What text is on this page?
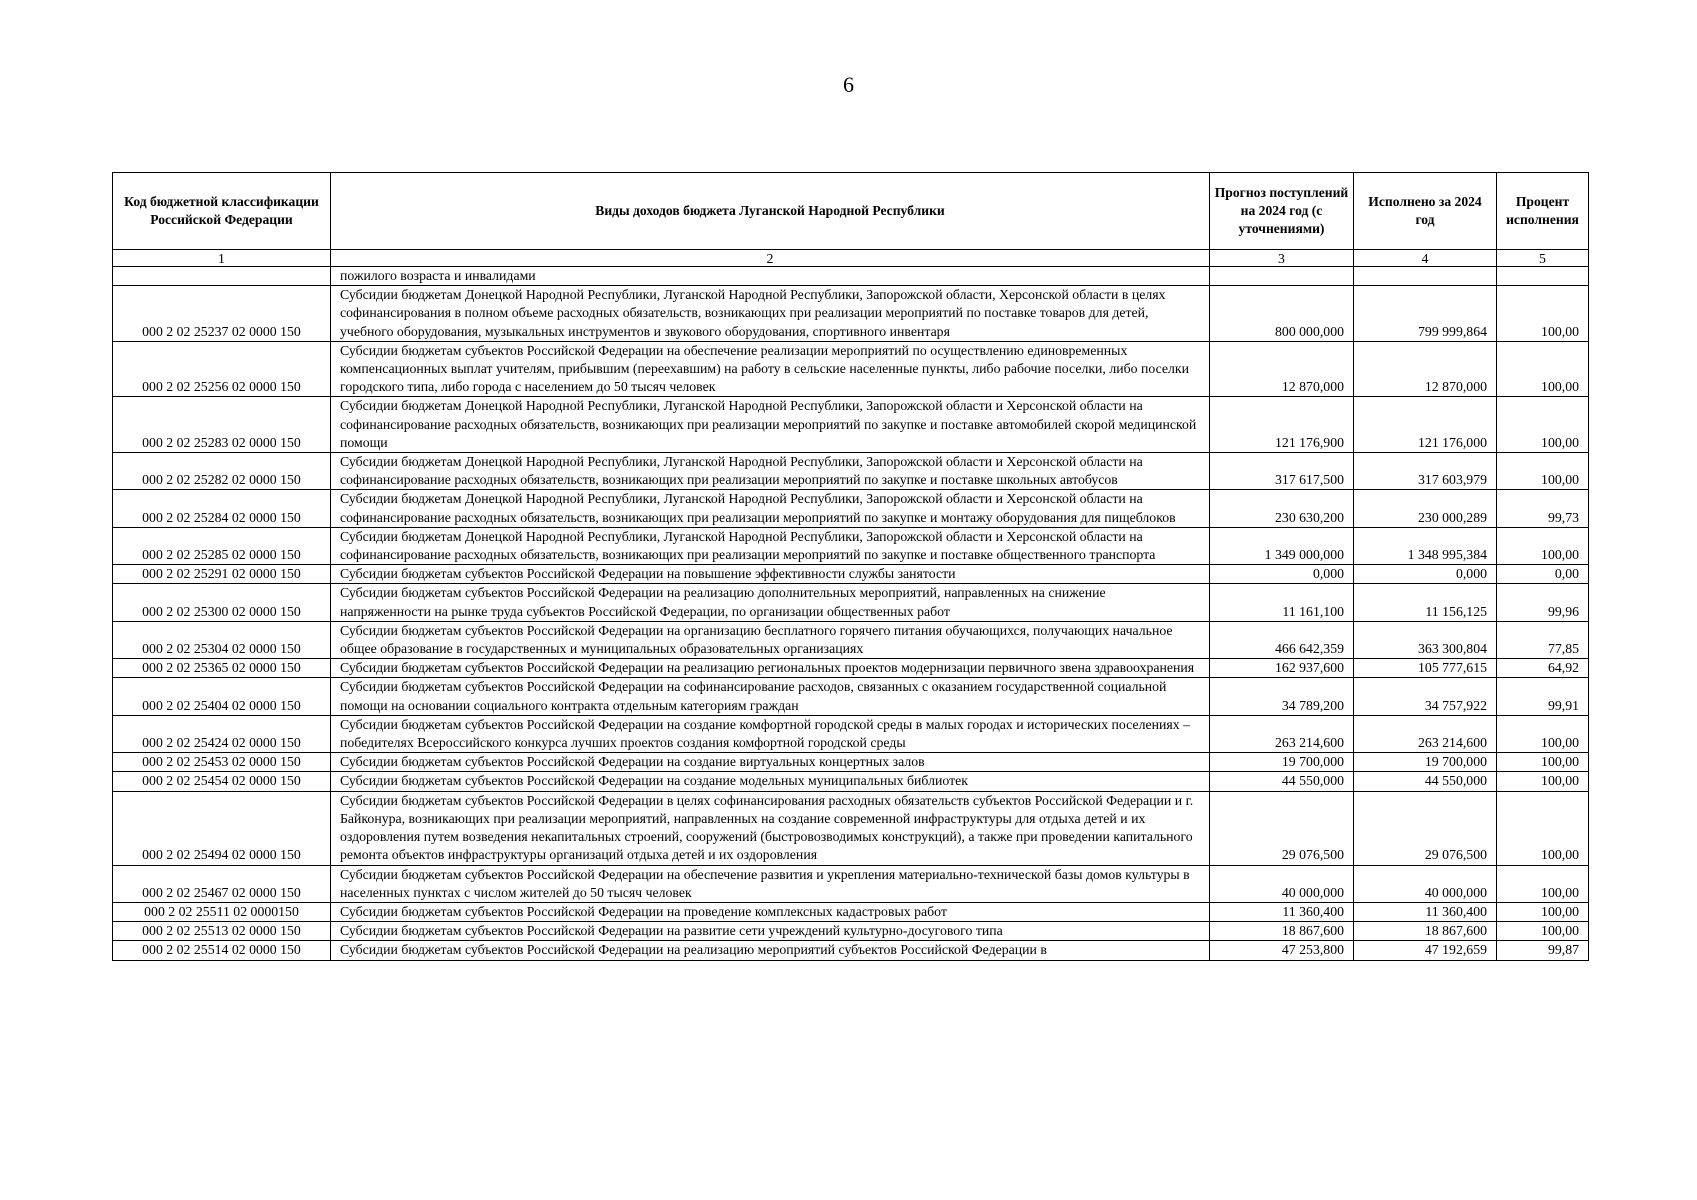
6
Код бюджетной классификации Российской Федерации	Виды доходов бюджета Луганской Народной Республики	Прогноз поступлений на 2024 год (с уточнениями)	Исполнено за 2024 год	Процент исполнения
1	2	3	4	5
	пожилого возраста и инвалидами			
000 2 02 25237 02 0000 150	Субсидии бюджетам Донецкой Народной Республики, Луганской Народной Республики, Запорожской области, Херсонской области в целях софинансирования в полном объеме расходных обязательств, возникающих при реализации мероприятий по поставке товаров для детей, учебного оборудования, музыкальных инструментов и звукового оборудования, спортивного инвентаря	800 000,000	799 999,864	100,00
000 2 02 25256 02 0000 150	Субсидии бюджетам субъектов Российской Федерации на обеспечение реализации мероприятий по осуществлению единовременных компенсационных выплат учителям, прибывшим (переехавшим) на работу в сельские населенные пункты, либо рабочие поселки, либо поселки городского типа, либо города с населением до 50 тысяч человек	12 870,000	12 870,000	100,00
000 2 02 25283 02 0000 150	Субсидии бюджетам Донецкой Народной Республики, Луганской Народной Республики, Запорожской области и Херсонской области на софинансирование расходных обязательств, возникающих при реализации мероприятий по закупке и поставке автомобилей скорой медицинской помощи	121 176,900	121 176,000	100,00
000 2 02 25282 02 0000 150	Субсидии бюджетам Донецкой Народной Республики, Луганской Народной Республики, Запорожской области и Херсонской области на софинансирование расходных обязательств, возникающих при реализации мероприятий по закупке и поставке школьных автобусов	317 617,500	317 603,979	100,00
000 2 02 25284 02 0000 150	Субсидии бюджетам Донецкой Народной Республики, Луганской Народной Республики, Запорожской области и Херсонской области на софинансирование расходных обязательств, возникающих при реализации мероприятий по закупке и монтажу оборудования для пищеблоков	230 630,200	230 000,289	99,73
000 2 02 25285 02 0000 150	Субсидии бюджетам Донецкой Народной Республики, Луганской Народной Республики, Запорожской области и Херсонской области на софинансирование расходных обязательств, возникающих при реализации мероприятий по закупке и поставке общественного транспорта	1 349 000,000	1 348 995,384	100,00
000 2 02 25291 02 0000 150	Субсидии бюджетам субъектов Российской Федерации на повышение эффективности службы занятости	0,000	0,000	0,00
000 2 02 25300 02 0000 150	Субсидии бюджетам субъектов Российской Федерации на реализацию дополнительных мероприятий, направленных на снижение напряженности на рынке труда субъектов Российской Федерации, по организации общественных работ	11 161,100	11 156,125	99,96
000 2 02 25304 02 0000 150	Субсидии бюджетам субъектов Российской Федерации на организацию бесплатного горячего питания обучающихся, получающих начальное общее образование в государственных и муниципальных образовательных организациях	466 642,359	363 300,804	77,85
000 2 02 25365 02 0000 150	Субсидии бюджетам субъектов Российской Федерации на реализацию региональных проектов модернизации первичного звена здравоохранения	162 937,600	105 777,615	64,92
000 2 02 25404 02 0000 150	Субсидии бюджетам субъектов Российской Федерации на софинансирование расходов, связанных с оказанием государственной социальной помощи на основании социального контракта отдельным категориям граждан	34 789,200	34 757,922	99,91
000 2 02 25424 02 0000 150	Субсидии бюджетам субъектов Российской Федерации на создание комфортной городской среды в малых городах и исторических поселениях – победителях Всероссийского конкурса лучших проектов создания комфортной городской среды	263 214,600	263 214,600	100,00
000 2 02 25453 02 0000 150	Субсидии бюджетам субъектов Российской Федерации на создание виртуальных концертных залов	19 700,000	19 700,000	100,00
000 2 02 25454 02 0000 150	Субсидии бюджетам субъектов Российской Федерации на создание модельных муниципальных библиотек	44 550,000	44 550,000	100,00
000 2 02 25494 02 0000 150	Субсидии бюджетам субъектов Российской Федерации в целях софинансирования расходных обязательств субъектов Российской Федерации и г. Байконура, возникающих при реализации мероприятий, направленных на создание современной инфраструктуры для отдыха детей и их оздоровления путем возведения некапитальных строений, сооружений (быстровозводимых конструкций), а также при проведении капитального ремонта объектов инфраструктуры организаций отдыха детей и их оздоровления	29 076,500	29 076,500	100,00
000 2 02 25467 02 0000 150	Субсидии бюджетам субъектов Российской Федерации на обеспечение развития и укрепления материально-технической базы домов культуры в населенных пунктах с числом жителей до 50 тысяч человек	40 000,000	40 000,000	100,00
000 2 02 25511 02 0000150	Субсидии бюджетам субъектов Российской Федерации на проведение комплексных кадастровых работ	11 360,400	11 360,400	100,00
000 2 02 25513 02 0000 150	Субсидии бюджетам субъектов Российской Федерации на развитие сети учреждений культурно-досугового типа	18 867,600	18 867,600	100,00
000 2 02 25514 02 0000 150	Субсидии бюджетам субъектов Российской Федерации на реализацию мероприятий субъектов Российской Федерации в	47 253,800	47 192,659	99,87
